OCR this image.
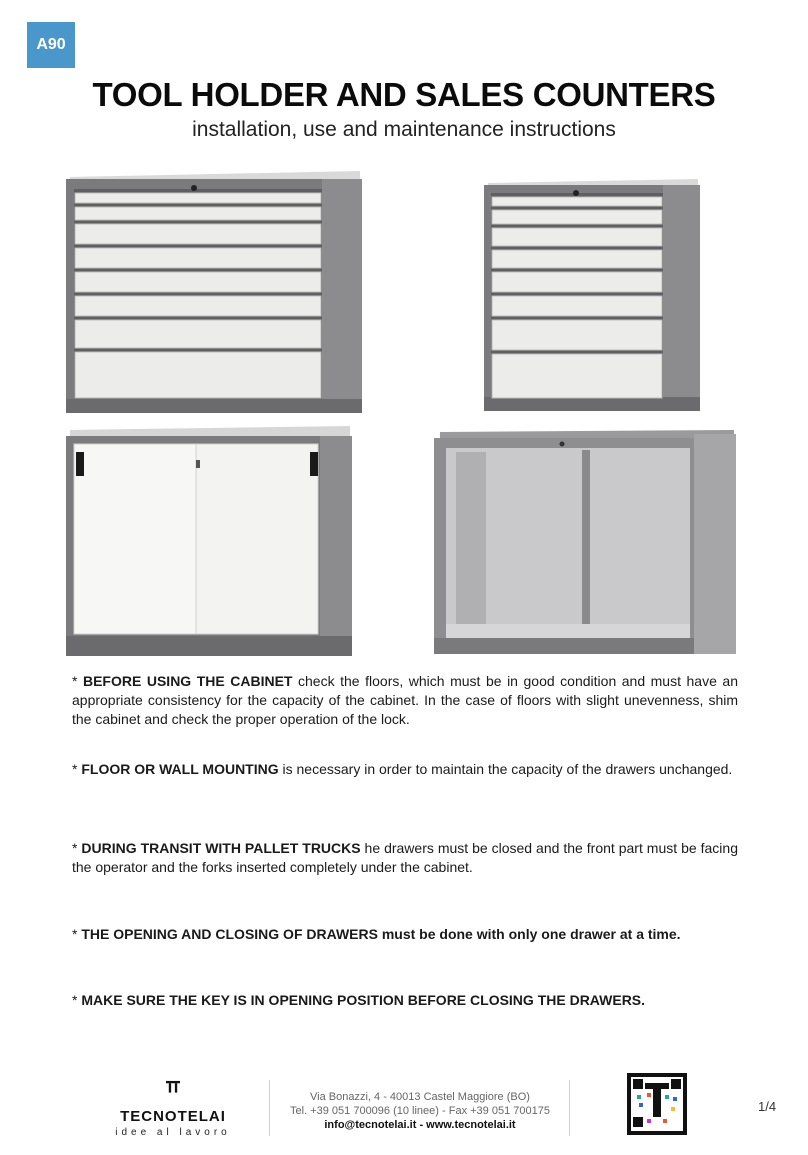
A90
TOOL HOLDER AND SALES COUNTERS
installation, use and maintenance instructions
* BEFORE USING THE CABINET check the floors, which must be in good condition and must have an appropriate consistency for the capacity of the cabinet. In the case of floors with slight unevenness, shim the cabinet and check the proper operation of the lock.
* FLOOR OR WALL MOUNTING is necessary in order to maintain the capacity of the drawers unchanged.
* DURING TRANSIT WITH PALLET TRUCKS he drawers must be closed and the front part must be facing the operator and the forks inserted completely under the cabinet.
* THE OPENING AND CLOSING OF DRAWERS must be done with only one drawer at a time.
* MAKE SURE THE KEY IS IN OPENING POSITION BEFORE CLOSING THE DRAWERS.
TECNOTELAI
idee al lavoro
Via Bonazzi, 4 - 40013 Castel Maggiore (BO)
Tel. +39 051 700096 (10 linee) - Fax +39 051 700175
info@tecnotelai.it - www.tecnotelai.it
1/4
